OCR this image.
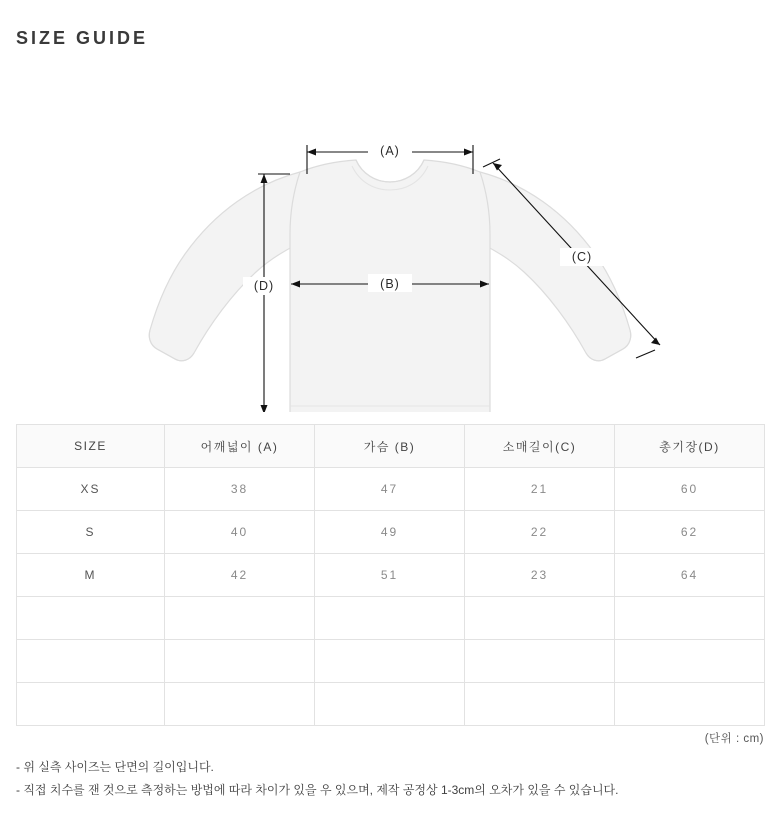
SIZE GUIDE
(A)
(B)
(C)
(D)
SIZE	어깨넓이 (A)	가슴 (B)	소매길이(C)	총기장(D)
XS	38	47	21	60
S	40	49	22	62
M	42	51	23	64

(단위 : cm)
- 위 실측 사이즈는 단면의 길이입니다.
- 직접 치수를 잰 것으로 측정하는 방법에 따라 차이가 있을 우 있으며, 제작 공정상 1-3cm의 오차가 있을 수 있습니다.
